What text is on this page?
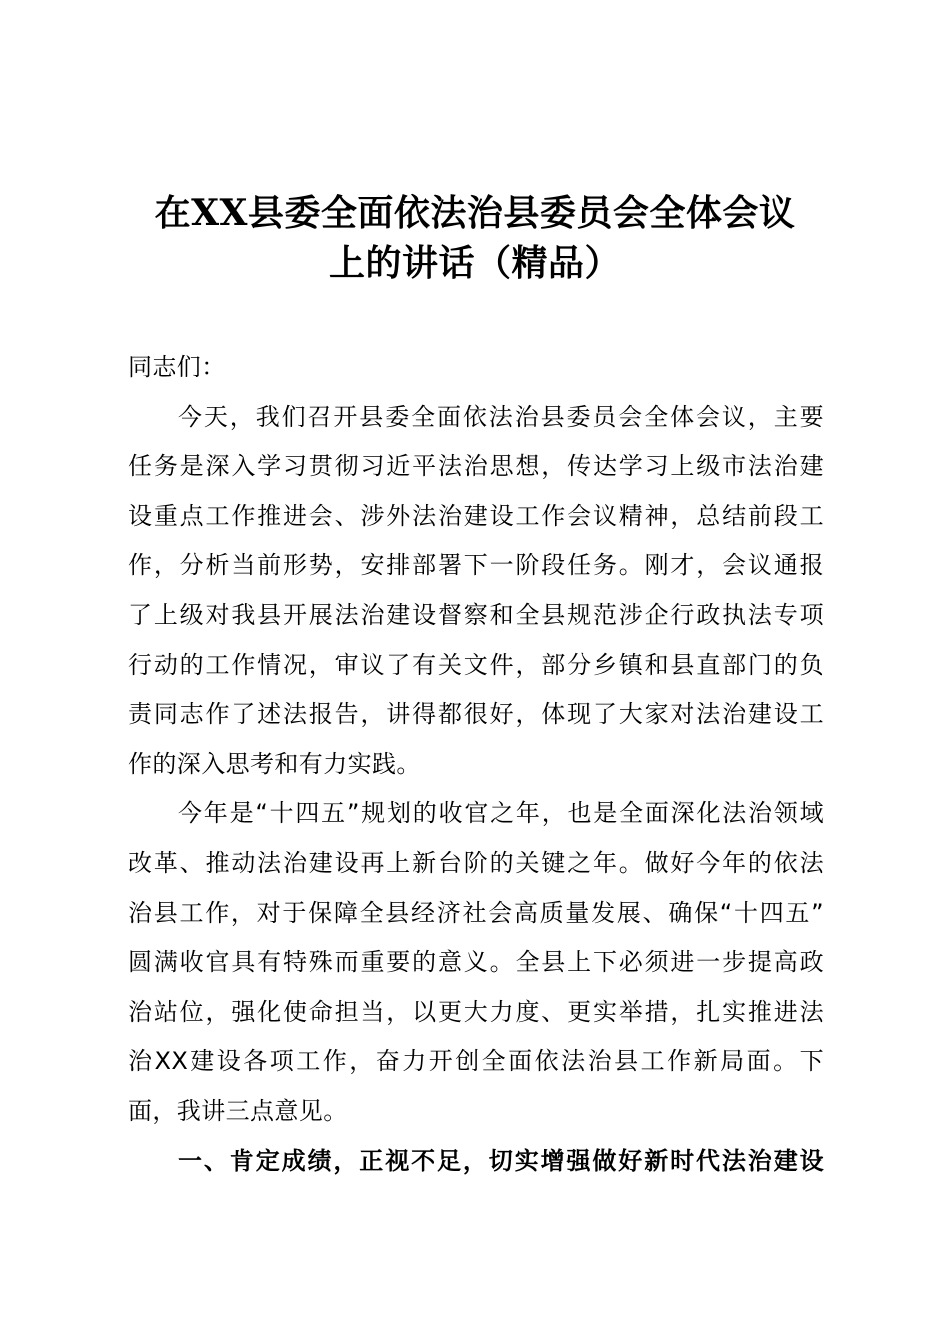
在XX县委全面依法治县委员会全体会议
上的讲话（精品）
同志们：
今天，我们召开县委全面依法治县委员会全体会议，主要
任务是深入学习贯彻习近平法治思想，传达学习上级市法治建
设重点工作推进会、涉外法治建设工作会议精神，总结前段工
作，分析当前形势，安排部署下一阶段任务。刚才，会议通报
了上级对我县开展法治建设督察和全县规范涉企行政执法专项
行动的工作情况，审议了有关文件，部分乡镇和县直部门的负
责同志作了述法报告，讲得都很好，体现了大家对法治建设工
作的深入思考和有力实践。
今年是“十四五”规划的收官之年，也是全面深化法治领域
改革、推动法治建设再上新台阶的关键之年。做好今年的依法
治县工作，对于保障全县经济社会高质量发展、确保“十四五”
圆满收官具有特殊而重要的意义。全县上下必须进一步提高政
治站位，强化使命担当，以更大力度、更实举措，扎实推进法
治XX建设各项工作，奋力开创全面依法治县工作新局面。下
面，我讲三点意见。
一、肯定成绩，正视不足，切实增强做好新时代法治建设
